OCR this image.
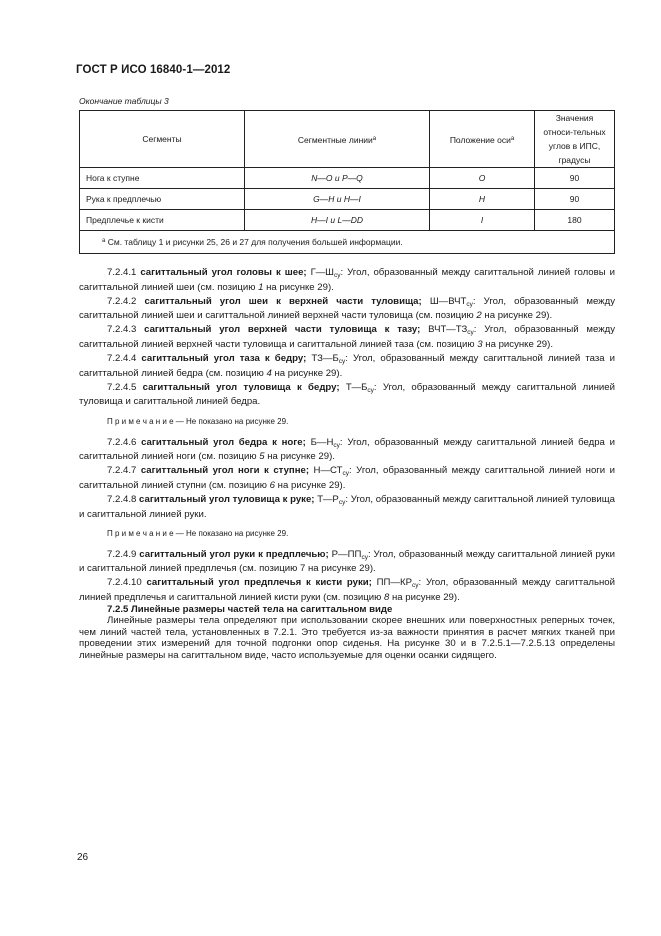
ГОСТ Р ИСО 16840-1—2012
Окончание таблицы 3
Сегменты	Сегментные линии$^a$	Положение оси$^a$	Значения относи-тельных углов в ИПС, градусы
Нога к ступне	N—O и P—Q	O	90
Рука к предплечью	G—H и H—I	H	90
Предплечье к кисти	H—I и L—DD	I	180
$^a$ См. таблицу 1 и рисунки 25, 26 и 27 для получения большей информации.			

7.2.4.1 сагиттальный угол головы к шее; $Г—Ш_{су}$: Угол, образованный между сагиттальной линией головы и сагиттальной линией шеи (см. позицию 1 на рисунке 29).

7.2.4.2 сагиттальный угол шеи к верхней части туловища; $Ш—ВЧТ_{су}$: Угол, образованный между сагиттальной линией шеи и сагиттальной линией верхней части туловища (см. позицию 2 на рисунке 29).

7.2.4.3 сагиттальный угол верхней части туловища к тазу; $ВЧТ—ТЗ_{су}$: Угол, образованный между сагиттальной линией верхней части туловища и сагиттальной линией таза (см. позицию 3 на рисунке 29).

7.2.4.4 сагиттальный угол таза к бедру; $ТЗ—Б_{су}$: Угол, образованный между сагиттальной линией таза и сагиттальной линией бедра (см. позицию 4 на рисунке 29).

7.2.4.5 сагиттальный угол туловища к бедру; $Т—Б_{су}$: Угол, образованный между сагиттальной линией туловища и сагиттальной линией бедра.

П р и м е ч а н и е — Не показано на рисунке 29.

7.2.4.6 сагиттальный угол бедра к ноге; $Б—Н_{су}$: Угол, образованный между сагиттальной линией бедра и сагиттальной линией ноги (см. позицию 5 на рисунке 29).

7.2.4.7 сагиттальный угол ноги к ступне; $Н—СТ_{су}$: Угол, образованный между сагиттальной линией ноги и сагиттальной линией ступни (см. позицию 6 на рисунке 29).

7.2.4.8 сагиттальный угол туловища к руке; $Т—Р_{су}$: Угол, образованный между сагиттальной линией туловища и сагиттальной линией руки.

П р и м е ч а н и е — Не показано на рисунке 29.

7.2.4.9 сагиттальный угол руки к предплечью; $Р—ПП_{су}$: Угол, образованный между сагиттальной линией руки и сагиттальной линией предплечья (см. позицию 7 на рисунке 29).

7.2.4.10 сагиттальный угол предплечья к кисти руки; $ПП—КР_{су}$: Угол, образованный между сагиттальной линией предплечья и сагиттальной линией кисти руки (см. позицию 8 на рисунке 29).

7.2.5 Линейные размеры частей тела на сагиттальном виде

Линейные размеры тела определяют при использовании скорее внешних или поверхностных реперных точек, чем линий частей тела, установленных в 7.2.1. Это требуется из-за важности принятия в расчет мягких тканей при проведении этих измерений для точной подгонки опор сиденья. На рисунке 30 и в 7.2.5.1—7.2.5.13 определены линейные размеры на сагиттальном виде, часто используемые для оценки осанки сидящего.

26
